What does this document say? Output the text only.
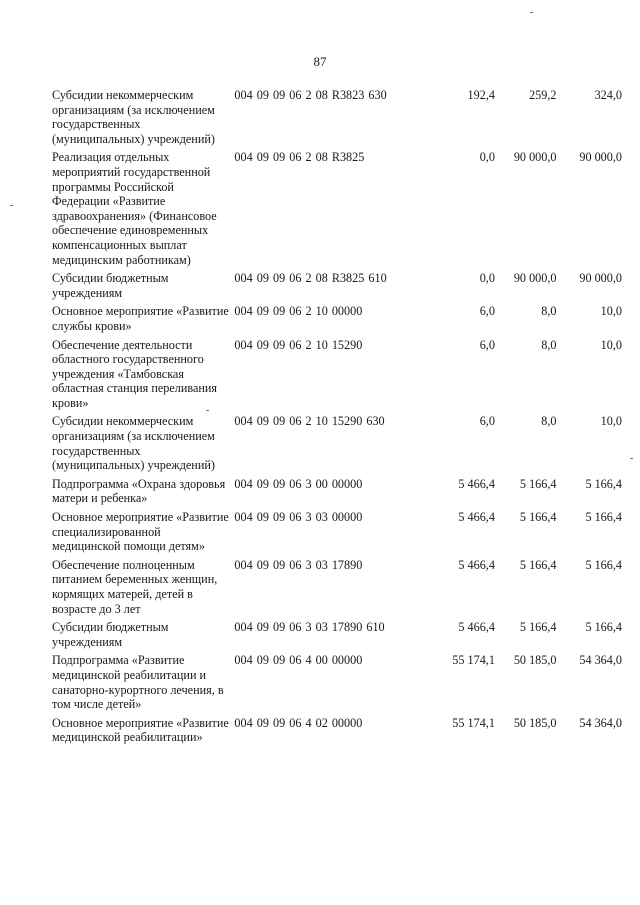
87
Субсидии некоммерческим организациям (за исключением государственных (муниципальных) учреждений)	004 09 09 06 2 08 R3823 630	192,4	259,2	324,0
Реализация отдельных мероприятий государственной программы Российской Федерации «Развитие здравоохранения» (Финансовое обеспечение единовременных компенсационных выплат медицинским работникам)	004 09 09 06 2 08 R3825	0,0	90 000,0	90 000,0
Субсидии бюджетным учреждениям	004 09 09 06 2 08 R3825 610	0,0	90 000,0	90 000,0
Основное мероприятие «Развитие службы крови»	004 09 09 06 2 10 00000	6,0	8,0	10,0
Обеспечение деятельности областного государственного учреждения «Тамбовская областная станция переливания крови»	004 09 09 06 2 10 15290	6,0	8,0	10,0
Субсидии некоммерческим организациям (за исключением государственных (муниципальных) учреждений)	004 09 09 06 2 10 15290 630	6,0	8,0	10,0
Подпрограмма «Охрана здоровья матери и ребенка»	004 09 09 06 3 00 00000	5 466,4	5 166,4	5 166,4
Основное мероприятие «Развитие специализированной медицинской помощи детям»	004 09 09 06 3 03 00000	5 466,4	5 166,4	5 166,4
Обеспечение полноценным питанием беременных женщин, кормящих матерей, детей в возрасте до 3 лет	004 09 09 06 3 03 17890	5 466,4	5 166,4	5 166,4
Субсидии бюджетным учреждениям	004 09 09 06 3 03 17890 610	5 466,4	5 166,4	5 166,4
Подпрограмма «Развитие медицинской реабилитации и санаторно-курортного лечения, в том числе детей»	004 09 09 06 4 00 00000	55 174,1	50 185,0	54 364,0
Основное мероприятие «Развитие медицинской реабилитации»	004 09 09 06 4 02 00000	55 174,1	50 185,0	54 364,0
